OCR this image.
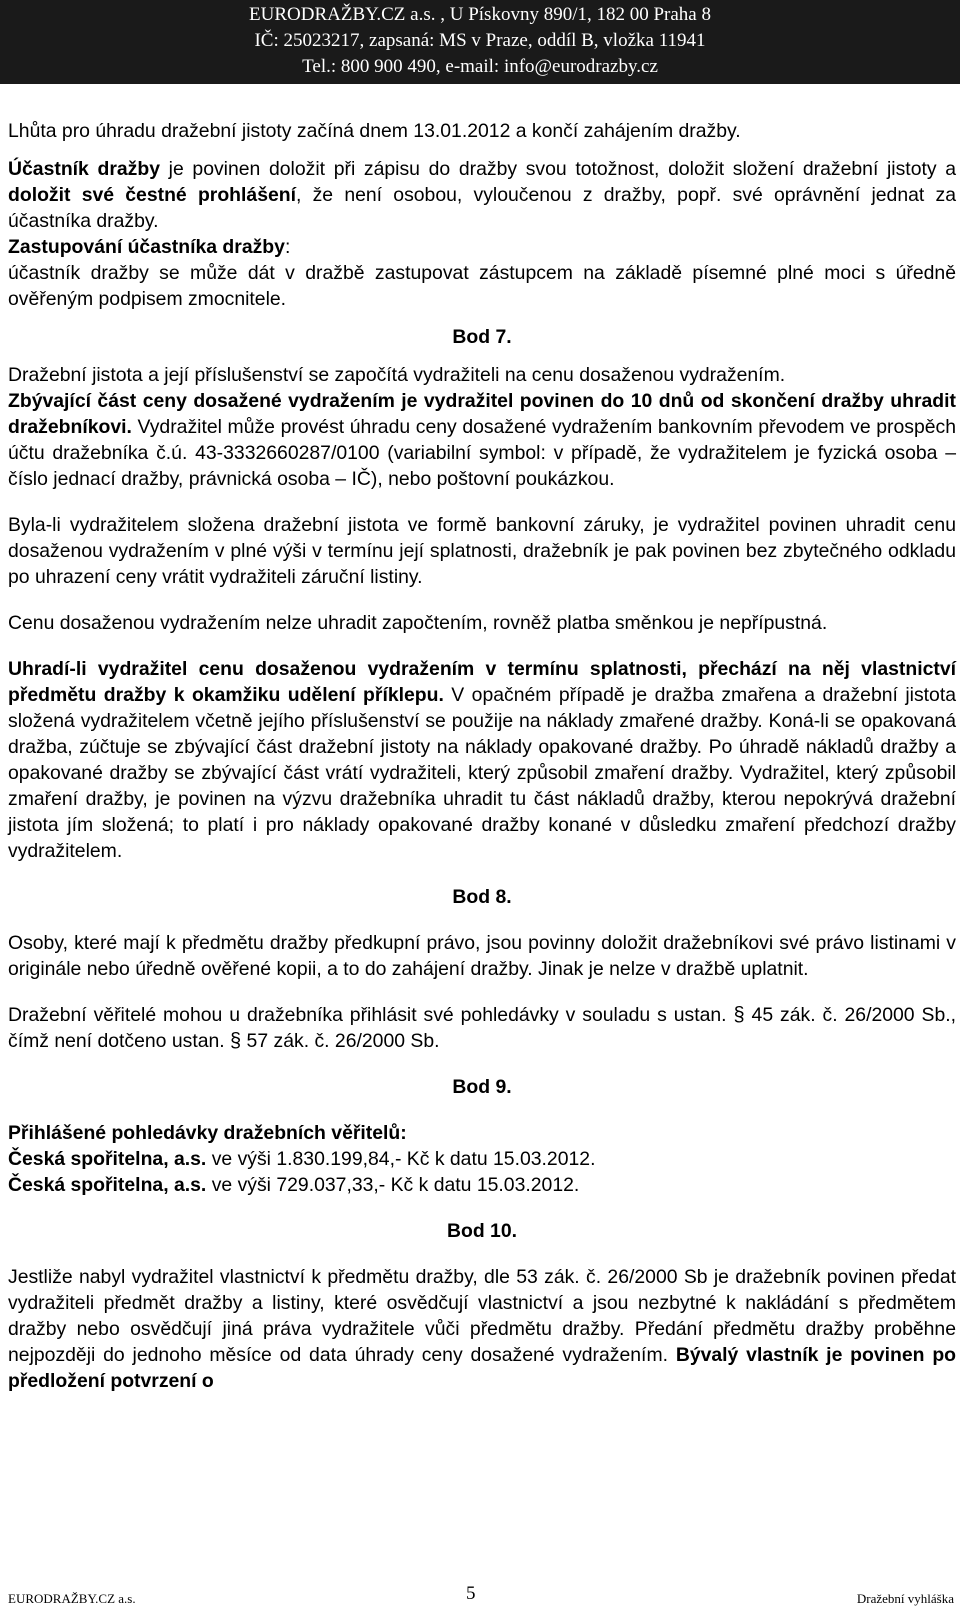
EURODRAŽBY.CZ a.s. , U Pískovny 890/1, 182 00 Praha 8
IČ: 25023217, zapsaná: MS v Praze, oddíl B, vložka 11941
Tel.: 800 900 490, e-mail: info@eurodrazby.cz

Lhůta pro úhradu dražební jistoty začíná dnem 13.01.2012 a končí zahájením dražby.

Účastník dražby je povinen doložit při zápisu do dražby svou totožnost, doložit složení dražební jistoty a doložit své čestné prohlášení, že není osobou, vyloučenou z dražby, popř. své oprávnění jednat za účastníka dražby.

Zastupování účastníka dražby:

účastník dražby se může dát v dražbě zastupovat zástupcem na základě písemné plné moci s úředně ověřeným podpisem zmocnitele.

Bod 7.

Dražební jistota a její příslušenství se započítá vydražiteli na cenu dosaženou vydražením.

Zbývající část ceny dosažené vydražením je vydražitel povinen do 10 dnů od skončení dražby uhradit dražebníkovi. Vydražitel může provést úhradu ceny dosažené vydražením bankovním převodem ve prospěch účtu dražebníka č.ú. 43-3332660287/0100 (variabilní symbol: v případě, že vydražitelem je fyzická osoba – číslo jednací dražby, právnická osoba – IČ), nebo poštovní poukázkou.

Byla-li vydražitelem složena dražební jistota ve formě bankovní záruky, je vydražitel povinen uhradit cenu dosaženou vydražením v plné výši v termínu její splatnosti, dražebník je pak povinen bez zbytečného odkladu po uhrazení ceny vrátit vydražiteli záruční listiny.

Cenu dosaženou vydražením nelze uhradit započtením, rovněž platba směnkou je nepřípustná.

Uhradí-li vydražitel cenu dosaženou vydražením v termínu splatnosti, přechází na něj vlastnictví předmětu dražby k okamžiku udělení příklepu. V opačném případě je dražba zmařena a dražební jistota složená vydražitelem včetně jejího příslušenství se použije na náklady zmařené dražby. Koná-li se opakovaná dražba, zúčtuje se zbývající část dražební jistoty na náklady opakované dražby. Po úhradě nákladů dražby a opakované dražby se zbývající část vrátí vydražiteli, který způsobil zmaření dražby. Vydražitel, který způsobil zmaření dražby, je povinen na výzvu dražebníka uhradit tu část nákladů dražby, kterou nepokrývá dražební jistota jím složená; to platí i pro náklady opakované dražby konané v důsledku zmaření předchozí dražby vydražitelem.

Bod 8.

Osoby, které mají k předmětu dražby předkupní právo, jsou povinny doložit dražebníkovi své právo listinami v originále nebo úředně ověřené kopii, a to do zahájení dražby. Jinak je nelze v dražbě uplatnit.

Dražební věřitelé mohou u dražebníka přihlásit své pohledávky v souladu s ustan. § 45 zák. č. 26/2000 Sb., čímž není dotčeno ustan. § 57 zák. č. 26/2000 Sb.

Bod 9.

Přihlášené pohledávky dražebních věřitelů:

Česká spořitelna, a.s. ve výši 1.830.199,84,- Kč k datu 15.03.2012.

Česká spořitelna, a.s. ve výši 729.037,33,- Kč k datu 15.03.2012.

Bod 10.

Jestliže nabyl vydražitel vlastnictví k předmětu dražby, dle 53 zák. č. 26/2000 Sb je dražebník povinen předat vydražiteli předmět dražby a listiny, které osvědčují vlastnictví a jsou nezbytné k nakládání s předmětem dražby nebo osvědčují jiná práva vydražitele vůči předmětu dražby. Předání předmětu dražby proběhne nejpozději do jednoho měsíce od data úhrady ceny dosažené vydražením. Bývalý vlastník je povinen po předložení potvrzení o

EURODRAŽBY.CZ a.s.	5	Dražební vyhláška
